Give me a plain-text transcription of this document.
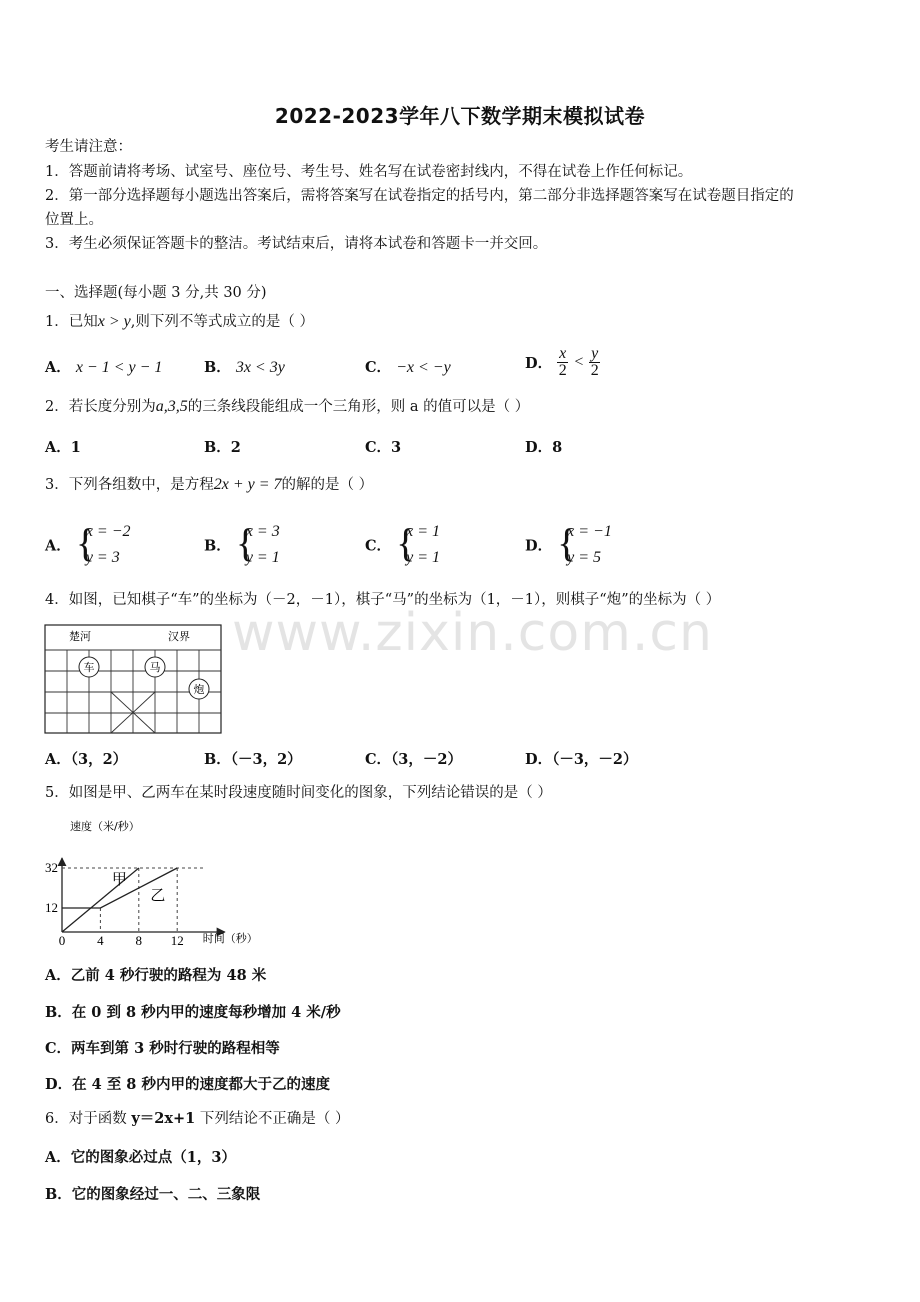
www.zixin.com.cn
2022-2023学年八下数学期末模拟试卷
考生请注意：
1．答题前请将考场、试室号、座位号、考生号、姓名写在试卷密封线内，不得在试卷上作任何标记。
2．第一部分选择题每小题选出答案后，需将答案写在试卷指定的括号内，第二部分非选择题答案写在试卷题目指定的
位置上。
3．考生必须保证答题卡的整洁。考试结束后，请将本试卷和答题卡一并交回。
一、选择题(每小题 3 分,共 30 分)
1．已知x > y,则下列不等式成立的是（ ）
A． x − 1 < y − 1	B． 3x < 3y	C． −x < −y	D． $\frac{x}{2} < \frac{y}{2}$
2．若长度分别为a,3,5的三条线段能组成一个三角形，则 a 的值可以是（ ）
A．1	B．2	C．3	D．8
3．下列各组数中，是方程2x + y = 7的解的是（ ）
A． {
x = −2
y = 3
B． {
x = 3
y = 1
C． {
x = 1
y = 1
D． {
x = −1
y = 5
4．如图，已知棋子“车”的坐标为（－2，－1），棋子“马”的坐标为（1，－1），则棋子“炮”的坐标为（ ）
楚河	汉界
车	马
炮
A．（3，2）	B．（－3，2）	C．（3，－2）	D．（－3，－2）
5．如图是甲、乙两车在某时段速度随时间变化的图象，下列结论错误的是（ ）
速度（米/秒）
时间（秒）
甲
乙
0 4 8 12
12
32
A．乙前 4 秒行驶的路程为 48 米
B．在 0 到 8 秒内甲的速度每秒增加 4 米/秒
C．两车到第 3 秒时行驶的路程相等
D．在 4 至 8 秒内甲的速度都大于乙的速度
6．对于函数 y＝2x+1 下列结论不正确是（ ）
A．它的图象必过点（1，3）
B．它的图象经过一、二、三象限
